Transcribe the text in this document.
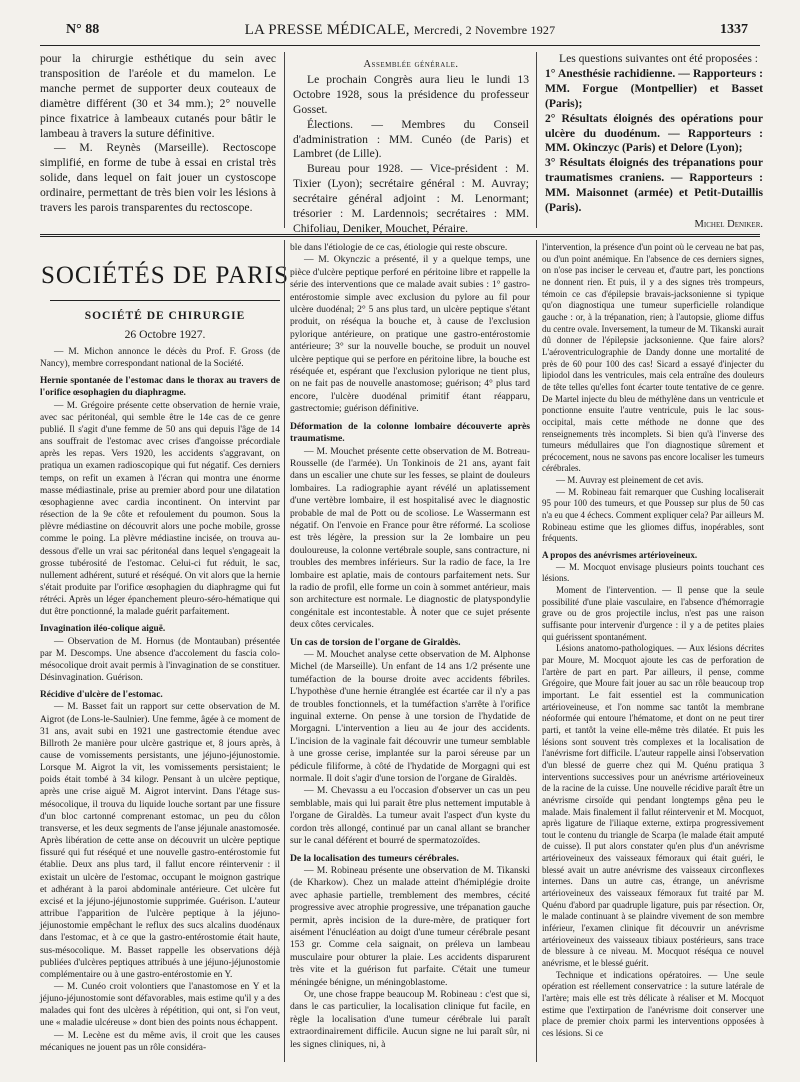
N° 88	LA PRESSE MÉDICALE, Mercredi, 2 Novembre 1927	1337

pour la chirurgie esthétique du sein avec transposition de l'aréole et du mamelon. Le manche permet de supporter deux couteaux de diamètre différent (30 et 34 mm.); 2° nouvelle pince fixatrice à lambeaux cutanés pour bâtir le lambeau à travers la suture définitive.

— M. Reynès (Marseille). Rectoscope simplifié, en forme de tube à essai en cristal très solide, dans lequel on fait jouer un cystoscope ordinaire, permettant de très bien voir les lésions à travers les parois transparentes du rectoscope.

Assemblée générale.

Le prochain Congrès aura lieu le lundi 13 Octobre 1928, sous la présidence du professeur Gosset.

Élections. — Membres du Conseil d'administration : MM. Cunéo (de Paris) et Lambret (de Lille).

Bureau pour 1928. — Vice-président : M. Tixier (Lyon); secrétaire général : M. Auvray; secrétaire général adjoint : M. Lenormant; trésorier : M. Lardennois; secrétaires : MM. Chifoliau, Deniker, Mouchet, Péraire.

Les questions suivantes ont été proposées :

1° Anesthésie rachidienne. — Rapporteurs : MM. Forgue (Montpellier) et Basset (Paris);

2° Résultats éloignés des opérations pour ulcère du duodénum. — Rapporteurs : MM. Okinczyc (Paris) et Delore (Lyon);

3° Résultats éloignés des trépanations pour traumatismes craniens. — Rapporteurs : MM. Maisonnet (armée) et Petit-Dutaillis (Paris).

Michel Deniker.
SOCIÉTÉS DE PARIS
SOCIÉTÉ DE CHIRURGIE
26 Octobre 1927.

— M. Michon annonce le décès du Prof. F. Gross (de Nancy), membre correspondant national de la Société.

Hernie spontanée de l'estomac dans le thorax au travers de l'orifice œsophagien du diaphragme.

— M. Grégoire présente cette observation de hernie vraie, avec sac péritonéal, qui semble être le 14e cas de ce genre publié. Il s'agit d'une femme de 50 ans qui depuis l'âge de 14 ans souffrait de l'estomac avec crises d'angoisse précordiale après les repas. Vers 1920, les accidents s'aggravant, on pratiqua un examen radioscopique qui fut négatif. Ces derniers temps, on refit un examen à l'écran qui montra une énorme masse médiastinale, prise au premier abord pour une dilatation œsophagienne avec cardia incontinent. On intervint par résection de la 9e côte et refoulement du poumon. Sous la plèvre médiastine on découvrit alors une poche mobile, grosse comme le poing. La plèvre médiastine incisée, on trouva au-dessous d'elle un vrai sac péritonéal dans lequel s'engageait la grosse tubérosité de l'estomac. Celui-ci fut réduit, le sac, nullement adhérent, suturé et réséqué. On vit alors que la hernie s'était produite par l'orifice œsophagien du diaphragme qui fut rétréci. Après un léger épanchement pleuro-séro-hématique qui dut être ponctionné, la malade guérit parfaitement.

Invagination iléo-colique aiguë.

— Observation de M. Hornus (de Montauban) présentée par M. Descomps. Une absence d'accolement du fascia colo-mésocolique droit avait permis à l'invagination de se constituer. Désinvagination. Guérison.

Récidive d'ulcère de l'estomac.

— M. Basset fait un rapport sur cette observation de M. Aigrot (de Lons-le-Saulnier). Une femme, âgée à ce moment de 31 ans, avait subi en 1921 une gastrectomie étendue avec Billroth 2e manière pour ulcère gastrique et, 8 jours après, à cause de vomissements persistants, une jéjuno-jéjunostomie. Lorsque M. Aigrot la vit, les vomissements persistaient; le poids était tombé à 34 kilogr. Pensant à un ulcère peptique, après une crise aiguë M. Aigrot intervint. Dans l'étage sus-mésocolique, il trouva du liquide louche sortant par une fissure d'un bloc cartonné comprenant estomac, un peu du côlon transverse, et les deux segments de l'anse jéjunale anastomosée. Après libération de cette anse on découvrit un ulcère peptique fissuré qui fut réséqué et une nouvelle gastro-entérostomie fut établie. Deux ans plus tard, il fallut encore réintervenir : il existait un ulcère de l'estomac, occupant le moignon gastrique et adhérant à la paroi abdominale antérieure. Cet ulcère fut excisé et la jéjuno-jéjunostomie supprimée. Guérison. L'auteur attribue l'apparition de l'ulcère peptique à la jéjuno-jéjunostomie empêchant le reflux des sucs alcalins duodénaux dans l'estomac, et à ce que la gastro-entérostomie était haute, sus-mésocolique. M. Basset rappelle les observations déjà publiées d'ulcères peptiques attribués à une jéjuno-jéjunostomie complémentaire ou à une gastro-entérostomie en Y.

— M. Cunéo croit volontiers que l'anastomose en Y et la jéjuno-jéjunostomie sont défavorables, mais estime qu'il y a des malades qui font des ulcères à répétition, qui ont, si l'on veut, une « maladie ulcéreuse » dont bien des points nous échappent.

— M. Lecène est du même avis, il croit que les causes mécaniques ne jouent pas un rôle considéra-

ble dans l'étiologie de ce cas, étiologie qui reste obscure.

— M. Okynczic a présenté, il y a quelque temps, une pièce d'ulcère peptique perforé en péritoine libre et rappelle la série des interventions que ce malade avait subies : 1° gastro-entérostomie simple avec exclusion du pylore au fil pour ulcère duodénal; 2° 5 ans plus tard, un ulcère peptique s'étant produit, on réséqua la bouche et, à cause de l'exclusion pylorique antérieure, on pratique une gastro-entérostomie antérieure; 3° sur la nouvelle bouche, se produit un nouvel ulcère peptique qui se perfore en péritoine libre, la bouche est réséquée et, espérant que l'exclusion pylorique ne tient plus, on ne fait pas de nouvelle anastomose; guérison; 4° plus tard encore, l'ulcère duodénal primitif étant réapparu, gastrectomie; guérison définitive.

Déformation de la colonne lombaire découverte après traumatisme.

— M. Mouchet présente cette observation de M. Botreau-Rousselle (de l'armée). Un Tonkinois de 21 ans, ayant fait dans un escalier une chute sur les fesses, se plaint de douleurs lombaires. La radiographie ayant révélé un aplatissement d'une vertèbre lombaire, il est hospitalisé avec le diagnostic probable de mal de Pott ou de scoliose. Le Wassermann est négatif. On l'envoie en France pour être réformé. La scoliose est très légère, la pression sur la 2e lombaire un peu douloureuse, la colonne vertébrale souple, sans contracture, ni troubles des membres inférieurs. Sur la radio de face, la 1re lombaire est aplatie, mais de contours parfaitement nets. Sur la radio de profil, elle forme un coin à sommet antérieur, mais son architecture est normale. Le diagnostic de platyspondylie congénitale est incontestable. À noter que ce sujet présente deux côtes cervicales.

Un cas de torsion de l'organe de Giraldès.

— M. Mouchet analyse cette observation de M. Alphonse Michel (de Marseille). Un enfant de 14 ans 1/2 présente une tuméfaction de la bourse droite avec accidents fébriles. L'hypothèse d'une hernie étranglée est écartée car il n'y a pas de troubles fonctionnels, et la tuméfaction s'arrête à l'orifice inguinal externe. On pense à une torsion de l'hydatide de Morgagni. L'intervention a lieu au 4e jour des accidents. L'incision de la vaginale fait découvrir une tumeur semblable à une grosse cerise, implantée sur la paroi séreuse par un pédicule filiforme, à côté de l'hydatide de Morgagni qui est normale. Il doit s'agir d'une torsion de l'organe de Giraldès.

— M. Chevassu a eu l'occasion d'observer un cas un peu semblable, mais qui lui parait être plus nettement imputable à l'organe de Giraldès. La tumeur avait l'aspect d'un kyste du cordon très allongé, continué par un canal allant se brancher sur le canal déférent et bourré de spermatozoïdes.

De la localisation des tumeurs cérébrales.

— M. Robineau présente une observation de M. Tikanski (de Kharkow). Chez un malade atteint d'hémiplégie droite avec aphasie partielle, tremblement des membres, cécité progressive avec atrophie progressive, une trépanation gauche permit, après incision de la dure-mère, de pratiquer fort aisément l'énucléation au doigt d'une tumeur cérébrale pesant 153 gr. Comme cela saignait, on préleva un lambeau musculaire pour obturer la plaie. Les accidents disparurent très vite et la guérison fut parfaite. C'était une tumeur méningée bénigne, un méningoblastome.

Or, une chose frappe beaucoup M. Robineau : c'est que si, dans le cas particulier, la localisation clinique fut facile, en règle la localisation d'une tumeur cérébrale lui paraît extraordinairement difficile. Aucun signe ne lui paraît sûr, ni les signes cliniques, ni, à

l'intervention, la présence d'un point où le cerveau ne bat pas, ou d'un point anémique. En l'absence de ces derniers signes, on n'ose pas inciser le cerveau et, d'autre part, les ponctions ne donnent rien. Et puis, il y a des signes très trompeurs, témoin ce cas d'épilepsie bravais-jacksonienne si typique qu'on diagnostiqua une tumeur superficielle rolandique gauche : or, à la trépanation, rien; à l'autopsie, gliome diffus du centre ovale. Inversement, la tumeur de M. Tikanski aurait dû donner de l'épilepsie jacksonienne. Que faire alors? L'aéroventriculographie de Dandy donne une mortalité de près de 60 pour 100 des cas! Sicard a essayé d'injecter du lipiodol dans les ventricules, mais cela entraîne des douleurs de tête telles qu'elles font écarter toute tentative de ce genre. De Martel injecte du bleu de méthylène dans un ventricule et ponctionne ensuite l'autre ventricule, puis le lac sous-occipital, mais cette méthode ne donne que des renseignements très incomplets. Si bien qu'à l'inverse des tumeurs médullaires que l'on diagnostique sûrement et précocement, nous ne savons pas encore localiser les tumeurs cérébrales.

— M. Auvray est pleinement de cet avis.

— M. Robineau fait remarquer que Cushing localiserait 95 pour 100 des tumeurs, et que Poussep sur plus de 50 cas n'a eu que 4 échecs. Comment expliquer cela? Par ailleurs M. Robineau estime que les gliomes diffus, inopérables, sont fréquents.

A propos des anévrismes artérioveineux.

— M. Mocquot envisage plusieurs points touchant ces lésions.

Moment de l'intervention. — Il pense que la seule possibilité d'une plaie vasculaire, en l'absence d'hémorragie grave ou de gros projectile inclus, n'est pas une raison suffisante pour intervenir d'urgence : il y a de petites plaies qui guérissent spontanément.

Lésions anatomo-pathologiques. — Aux lésions décrites par Moure, M. Mocquot ajoute les cas de perforation de l'artère de part en part. Par ailleurs, il pense, comme Grégoire, que Moure fait jouer au sac un rôle beaucoup trop important. Le fait essentiel est la communication artérioveineuse, et l'on nomme sac tantôt la membrane néoformée qui entoure l'hématome, et dont on ne peut tirer parti, et tantôt la veine elle-même très dilatée. Et puis les lésions sont souvent très complexes et la localisation de l'anévrisme fort difficile. L'auteur rappelle ainsi l'observation d'un blessé de guerre chez qui M. Quénu pratiqua 3 interventions successives pour un anévrisme artérioveineux de la racine de la cuisse. Une nouvelle récidive paraît être un anévrisme cirsoïde qui pendant longtemps gêna peu le malade. Mais finalement il fallut réintervenir et M. Mocquot, après ligature de l'iliaque externe, extirpa progressivement tout le contenu du triangle de Scarpa (le malade était amputé de cuisse). Il put alors constater qu'en plus d'un anévrisme artérioveineux des vaisseaux fémoraux qui était guéri, le blessé avait un autre anévrisme des vaisseaux circonflexes internes. Dans un autre cas, étrange, un anévrisme artérioveineux des vaisseaux fémoraux fut traité par M. Quénu d'abord par quadruple ligature, puis par résection. Or, le malade continuant à se plaindre vivement de son membre inférieur, l'examen clinique fit découvrir un anévrisme artérioveineux des vaisseaux tibiaux postérieurs, sans trace de blessure à ce niveau. M. Mocquot réséqua ce nouvel anévrisme, et le blessé guérit.

Technique et indications opératoires. — Une seule opération est réellement conservatrice : la suture latérale de l'artère; mais elle est très délicate à réaliser et M. Mocquot estime que l'extirpation de l'anévrisme doit conserver une place de premier choix parmi les interventions opposées à ces lésions. Si ce
